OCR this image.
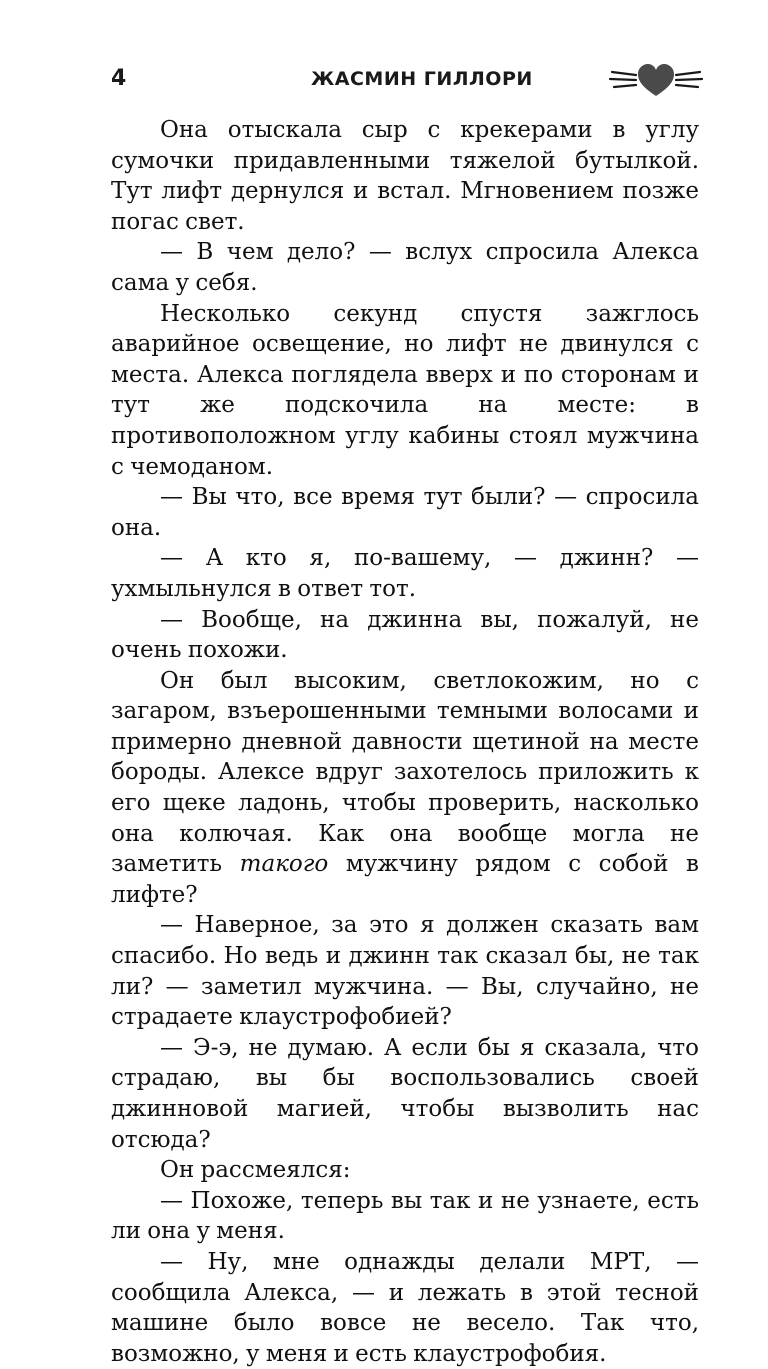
4	ЖАСМИН ГИЛЛОРИ

Она отыскала сыр с крекерами в углу сумочки придавленными тяжелой бутылкой. Тут лифт дернулся и встал. Мгновением позже погас свет.

— В чем дело? — вслух спросила Алекса сама у себя.

Несколько секунд спустя зажглось аварийное освещение, но лифт не двинулся с места. Алекса поглядела вверх и по сторонам и тут же подскочила на месте: в противоположном углу кабины стоял мужчина с чемоданом.

— Вы что, все время тут были? — спросила она.

— А кто я, по-вашему, — джинн? — ухмыльнулся в ответ тот.

— Вообще, на джинна вы, пожалуй, не очень похожи.

Он был высоким, светлокожим, но с загаром, взъерошенными темными волосами и примерно дневной давности щетиной на месте бороды. Алексе вдруг захотелось приложить к его щеке ладонь, чтобы проверить, насколько она колючая. Как она вообще могла не заметить такого мужчину рядом с собой в лифте?

— Наверное, за это я должен сказать вам спасибо. Но ведь и джинн так сказал бы, не так ли? — заметил мужчина. — Вы, случайно, не страдаете клаустрофобией?

— Э-э, не думаю. А если бы я сказала, что страдаю, вы бы воспользовались своей джинновой магией, чтобы вызволить нас отсюда?

Он рассмеялся:

— Похоже, теперь вы так и не узнаете, есть ли она у меня.

— Ну, мне однажды делали МРТ, — сообщила Алекса, — и лежать в этой тесной машине было вовсе не весело. Так что, возможно, у меня и есть клаустрофобия.
